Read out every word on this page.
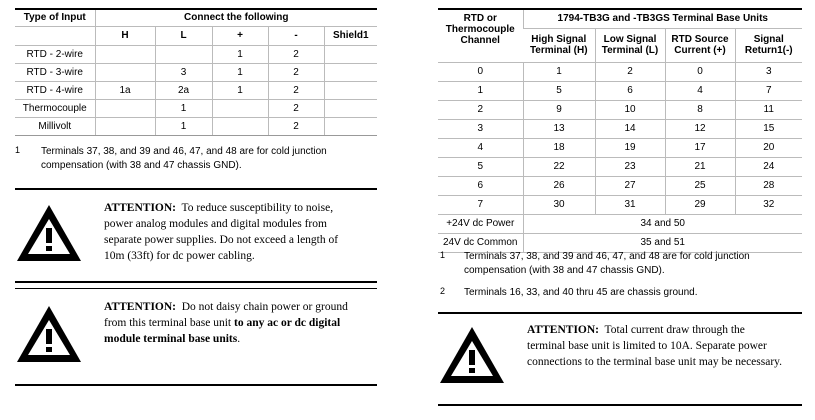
Type of Input	Connect the following				
	H	L	+	-	Shield1
RTD - 2-wire			1	2	
RTD - 3-wire		3	1	2	
RTD - 4-wire	1a	2a	1	2	
Thermocouple		1		2	
Millivolt		1		2	
1 Terminals 37, 38, and 39 and 46, 47, and 48 are for cold junction
compensation (with 38 and 47 chassis GND).
ATTENTION: To reduce susceptibility to noise,
power analog modules and digital modules from
separate power supplies. Do not exceed a length of
10m (33ft) for dc power cabling.
ATTENTION: Do not daisy chain power or ground
from this terminal base unit to any ac or dc digital
module terminal base units.
RTD or Thermocouple Channel	1794-TB3G and -TB3GS Terminal Base Units			
	High Signal Terminal (H)	Low Signal Terminal (L)	RTD Source Current (+)	Signal Return1(-)
0	1	2	0	3
1	5	6	4	7
2	9	10	8	11
3	13	14	12	15
4	18	19	17	20
5	22	23	21	24
6	26	27	25	28
7	30	31	29	32
+24V dc Power	34 and 50			
24V dc Common	35 and 51			
1 Terminals 37, 38, and 39 and 46, 47, and 48 are for cold junction
compensation (with 38 and 47 chassis GND).
2 Terminals 16, 33, and 40 thru 45 are chassis ground.
ATTENTION: Total current draw through the
terminal base unit is limited to 10A. Separate power
connections to the terminal base unit may be necessary.
